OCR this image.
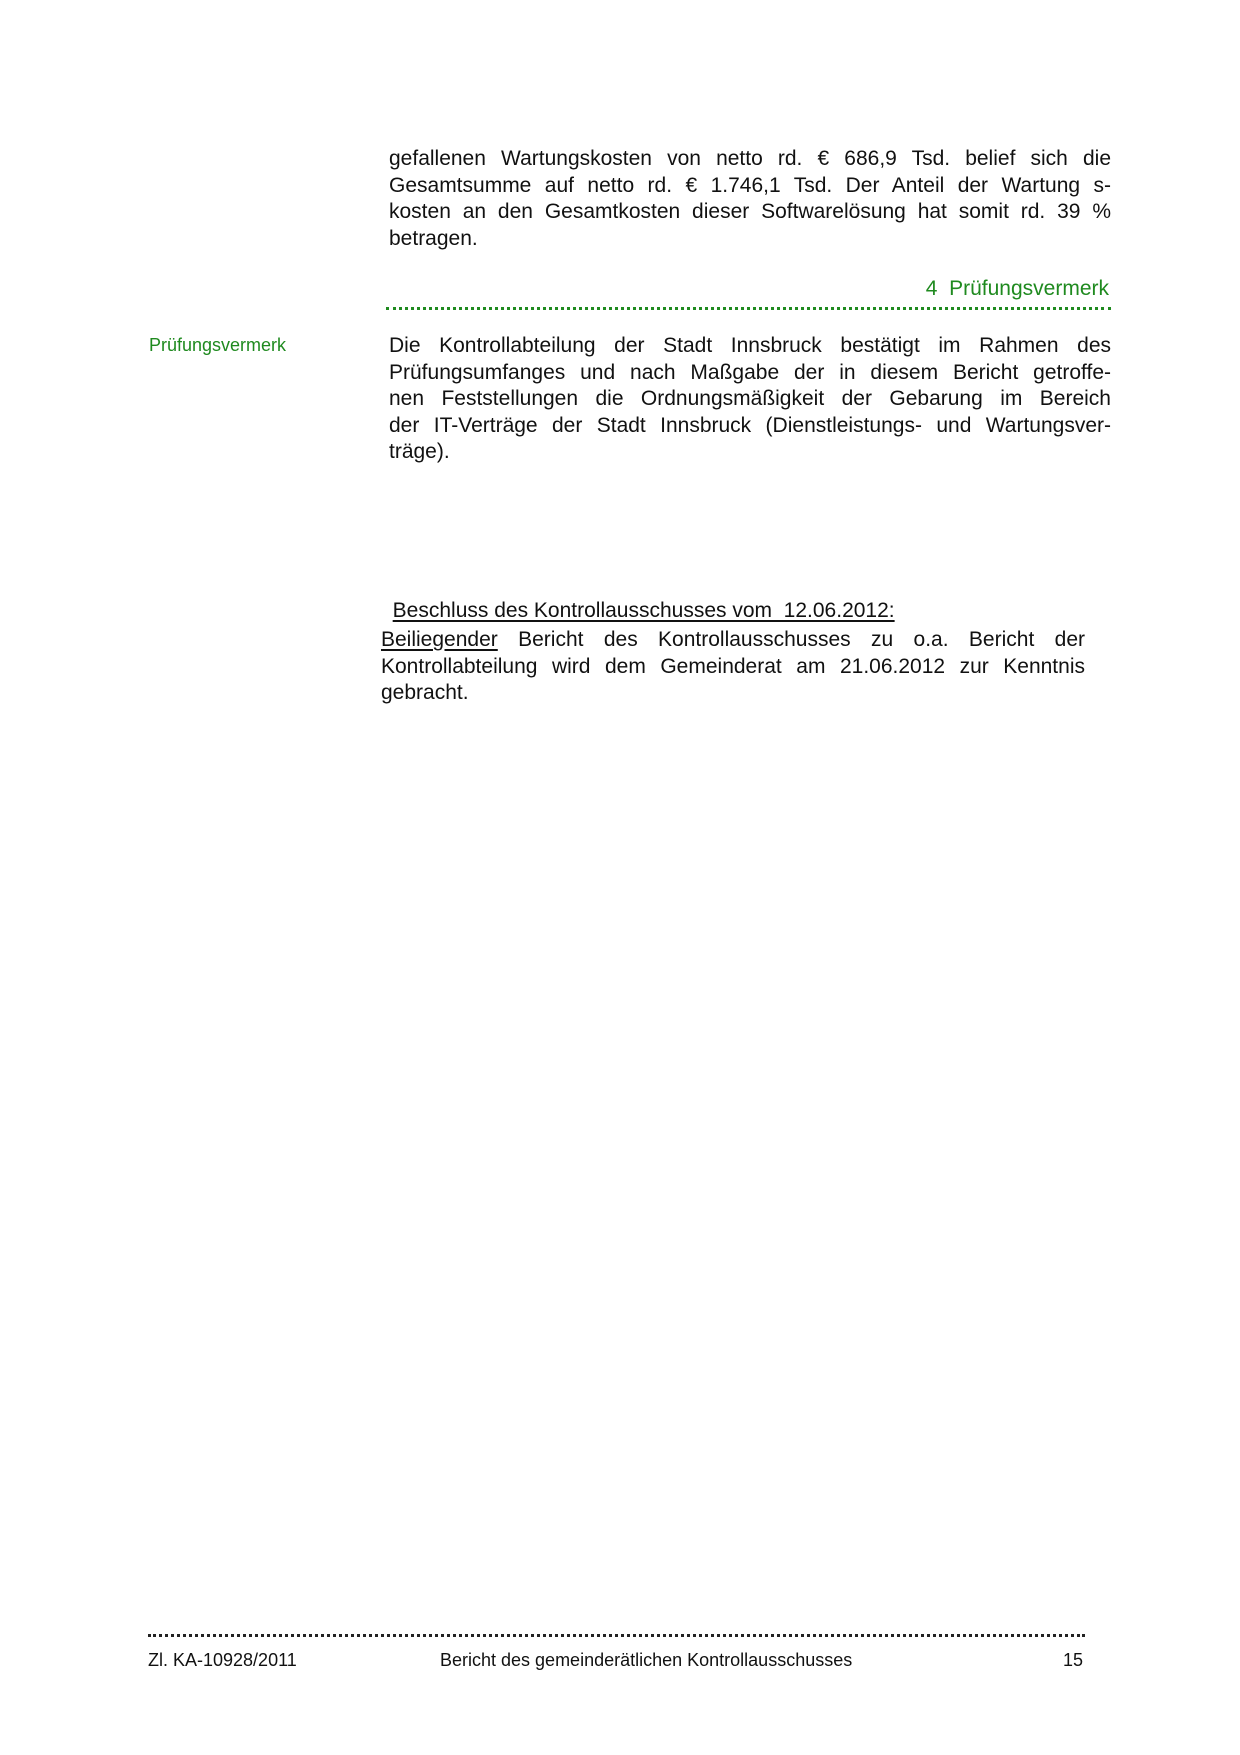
gefallenen Wartungskosten von netto rd. € 686,9 Tsd. belief sich die
Gesamtsumme auf netto rd. € 1.746,1 Tsd. Der Anteil der Wartung s-
kosten an den Gesamtkosten dieser Softwarelösung hat somit rd. 39 %
betragen.
4  Prüfungsvermerk
Prüfungsvermerk	Die Kontrollabteilung der Stadt Innsbruck bestätigt im Rahmen des
Prüfungsumfanges und nach Maßgabe der in diesem Bericht getroffe-
nen Feststellungen die Ordnungsmäßigkeit der Gebarung im Bereich
der IT-Verträge der Stadt Innsbruck (Dienstleistungs- und Wartungsver-
träge).

Beschluss des Kontrollausschusses vom  12.06.2012:

Beiliegender Bericht des Kontrollausschusses zu o.a. Bericht der
Kontrollabteilung wird dem Gemeinderat am 21.06.2012 zur Kenntnis
gebracht.
Zl. KA-10928/2011	Bericht des gemeinderätlichen Kontrollausschusses	15
